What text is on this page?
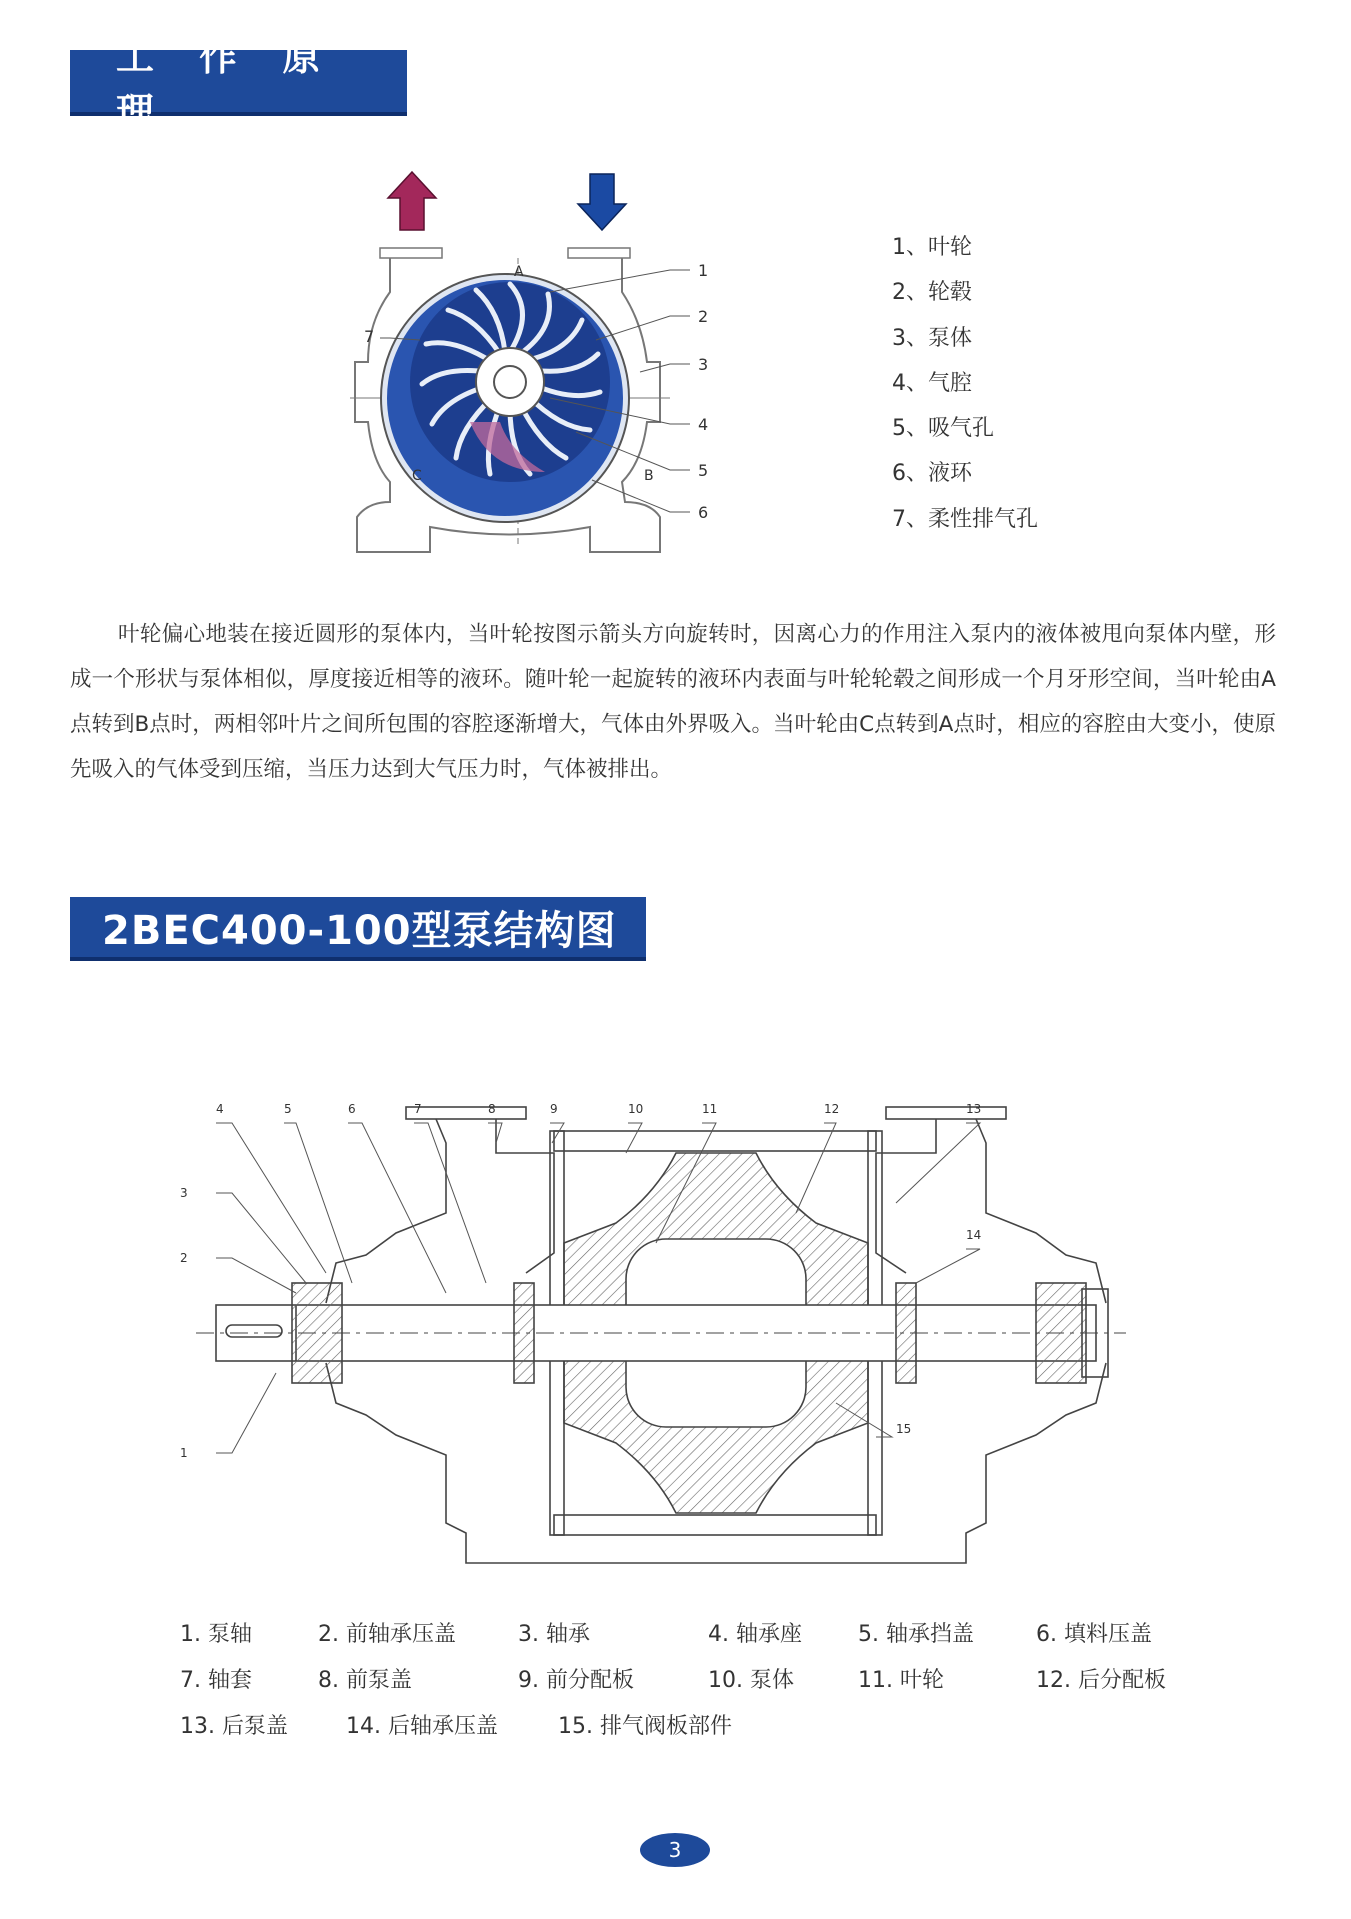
工 作 原 理
A
B
C
1
2
3
4
5
6
7
1、叶轮
2、轮毂
3、泵体
4、气腔
5、吸气孔
6、液环
7、柔性排气孔

叶轮偏心地装在接近圆形的泵体内，当叶轮按图示箭头方向旋转时，因离心力的作用注入泵内的液体被甩向泵体内壁，形成一个形状与泵体相似，厚度接近相等的液环。随叶轮一起旋转的液环内表面与叶轮轮毂之间形成一个月牙形空间，当叶轮由A点转到B点时，两相邻叶片之间所包围的容腔逐渐增大，气体由外界吸入。当叶轮由C点转到A点时，相应的容腔由大变小，使原先吸入的气体受到压缩，当压力达到大气压力时，气体被排出。

2BEC400-100型泵结构图
1
2
3
4	5	6	7	8	9	10	11	12	13
14
15
1. 泵轴	2. 前轴承压盖	3. 轴承	4. 轴承座	5. 轴承挡盖	6. 填料压盖
7. 轴套	8. 前泵盖	9. 前分配板	10. 泵体	11. 叶轮	12. 后分配板
13. 后泵盖	14. 后轴承压盖	15. 排气阀板部件
3
